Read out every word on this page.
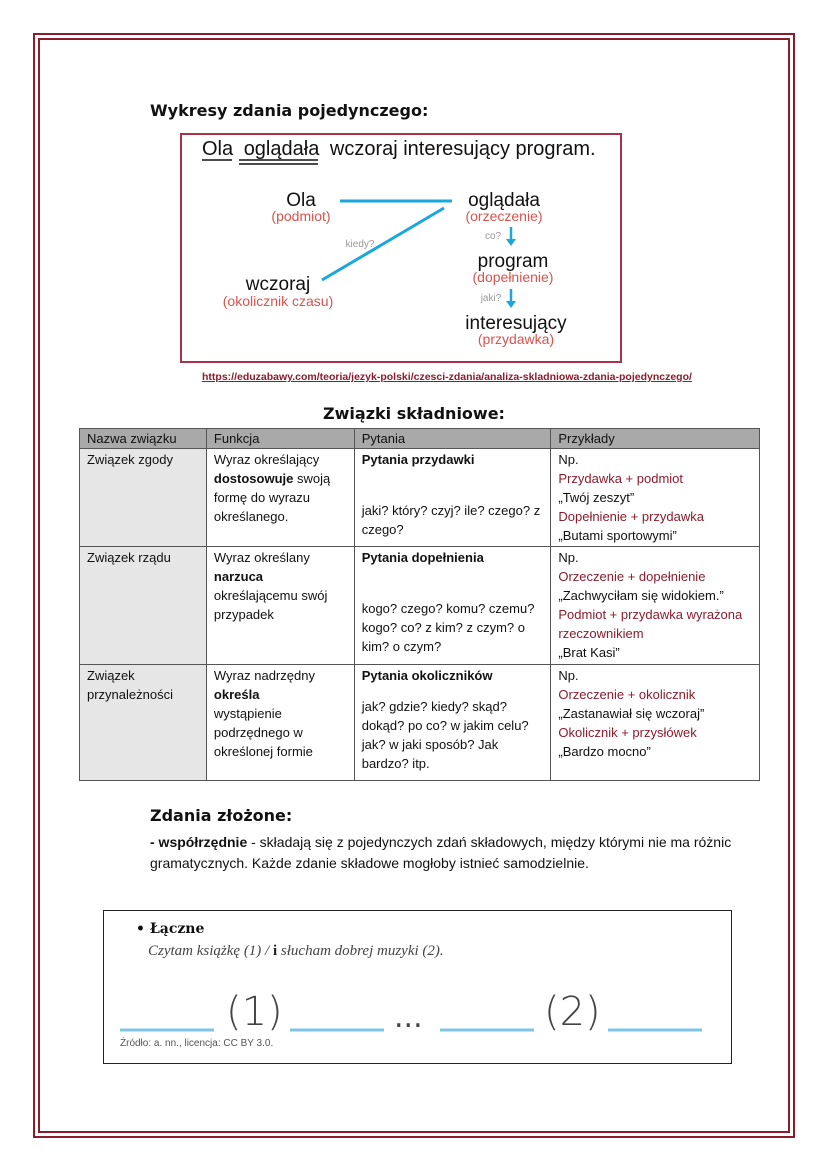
Wykresy zdania pojedynczego:
Ola oglądała wczoraj interesujący program.
Ola
(podmiot)
oglądała
(orzeczenie)
kiedy?
co?
jaki?
program
(dopełnienie)
wczoraj
(okolicznik czasu)
interesujący
(przydawka)
https://eduzabawy.com/teoria/jezyk-polski/czesci-zdania/analiza-skladniowa-zdania-pojedynczego/
Związki składniowe:
Nazwa związku	Funkcja	Pytania	Przykłady
Związek zgody	Wyraz określający
dostosowuje swoją formę do wyrazu określanego.	Pytania przydawki
jaki? który? czyj? ile? czego? z czego?	Np.
Przydawka + podmiot
„Twój zeszyt”
Dopełnienie + przydawka
„Butami sportowymi”

Związek rządu	Wyraz określany
narzuca
określającemu swój przypadek	Pytania dopełnienia
kogo? czego? komu? czemu? kogo? co? z kim? z czym? o kim? o czym?	Np.
Orzeczenie + dopełnienie
„Zachwyciłam się widokiem.”
Podmiot + przydawka wyrażona rzeczownikiem
„Brat Kasi”

Związek przynależności	Wyraz nadrzędny
określa
wystąpienie podrzędnego w określonej formie	Pytania okoliczników
jak? gdzie? kiedy? skąd? dokąd? po co? w jakim celu? jak? w jaki sposób? Jak bardzo? itp.	Np.
Orzeczenie + okolicznik
„Zastanawiał się wczoraj”
Okolicznik + przysłówek
„Bardzo mocno”
Zdania złożone:
- współrzędnie - składają się z pojedynczych zdań składowych, między którymi nie ma różnic gramatycznych. Każde zdanie składowe mogłoby istnieć samodzielnie.
• Łączne
Czytam książkę (1) / i słucham dobrej muzyki (2).
(1)	...	(2)
Źródło: a. nn., licencja: CC BY 3.0.
